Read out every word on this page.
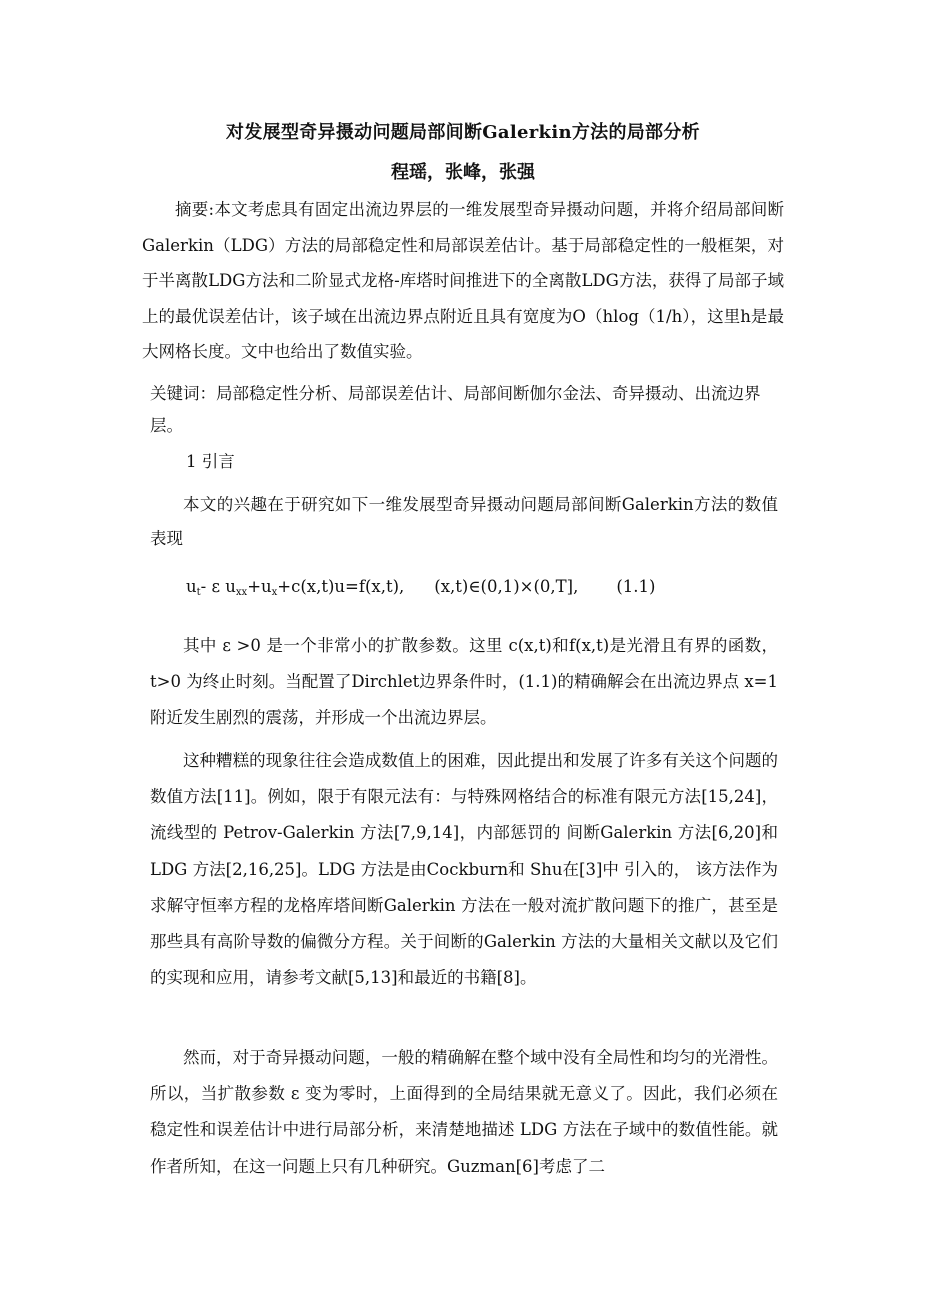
对发展型奇异摄动问题局部间断Galerkin方法的局部分析
程瑶，张峰，张强

摘要:本文考虑具有固定出流边界层的一维发展型奇异摄动问题，并将介绍局部间断Galerkin（LDG）方法的局部稳定性和局部误差估计。基于局部稳定性的一般框架，对于半离散LDG方法和二阶显式龙格-库塔时间推进下的全离散LDG方法，获得了局部子域上的最优误差估计，该子域在出流边界点附近且具有宽度为O（hlog（1/h），这里h是最大网格长度。文中也给出了数值实验。

关键词：局部稳定性分析、局部误差估计、局部间断伽尔金法、奇异摄动、出流边界层。

1 引言

本文的兴趣在于研究如下一维发展型奇异摄动问题局部间断Galerkin方法的数值表现

$u_t-$ ε $u_{xx}+u_x+c(x,t)u=f(x,t)$, (x,t)∈(0,1)×(0,T], (1.1)

其中 ε >0 是一个非常小的扩散参数。这里 c(x,t)和f(x,t)是光滑且有界的函数，t>0 为终止时刻。当配置了Dirchlet边界条件时，(1.1)的精确解会在出流边界点 x=1 附近发生剧烈的震荡，并形成一个出流边界层。

这种糟糕的现象往往会造成数值上的困难，因此提出和发展了许多有关这个问题的数值方法[11]。例如，限于有限元法有：与特殊网格结合的标准有限元方法[15,24]， 流线型的 Petrov-Galerkin 方法[7,9,14]，内部惩罚的 间断Galerkin 方法[6,20]和LDG 方法[2,16,25]。LDG 方法是由Cockburn和 Shu在[3]中 引入的， 该方法作为求解守恒率方程的龙格库塔间断Galerkin 方法在一般对流扩散问题下的推广，甚至是那些具有高阶导数的偏微分方程。关于间断的Galerkin 方法的大量相关文献以及它们的实现和应用，请参考文献[5,13]和最近的书籍[8]。

然而，对于奇异摄动问题，一般的精确解在整个域中没有全局性和均匀的光滑性。所以，当扩散参数 ε 变为零时，上面得到的全局结果就无意义了。因此，我们必须在稳定性和误差估计中进行局部分析，来清楚地描述 LDG 方法在子域中的数值性能。就作者所知，在这一问题上只有几种研究。Guzman[6]考虑了二
